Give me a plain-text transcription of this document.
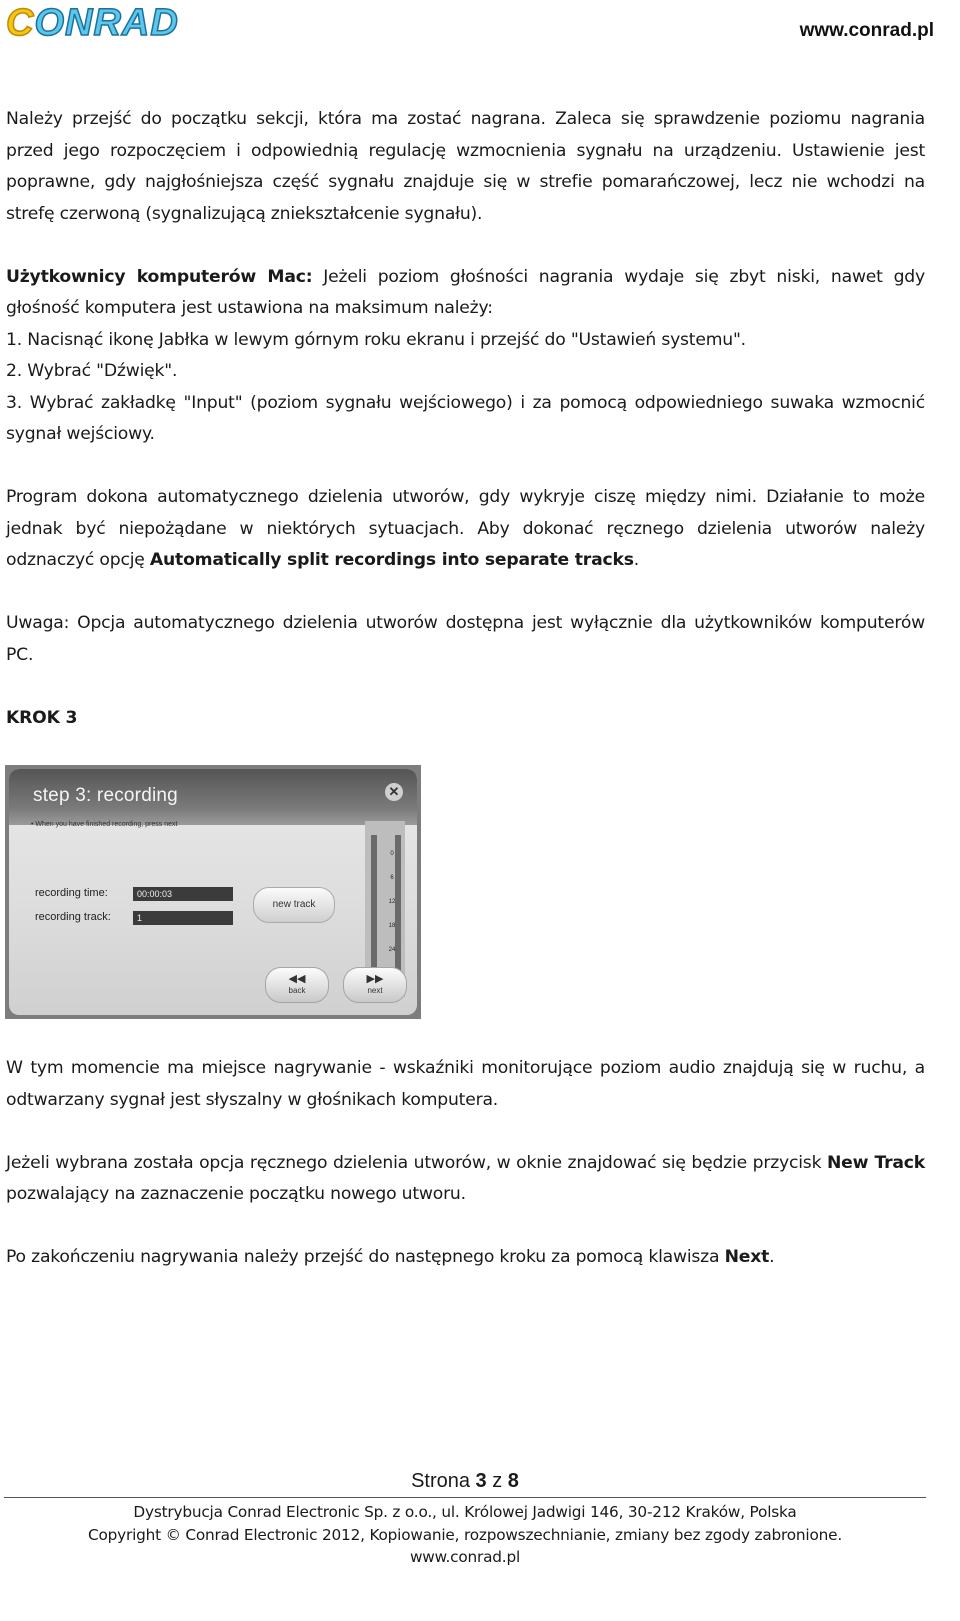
CONRAD	www.conrad.pl

Należy przejść do początku sekcji, która ma zostać nagrana. Zaleca się sprawdzenie poziomu nagrania przed jego rozpoczęciem i odpowiednią regulację wzmocnienia sygnału na urządzeniu. Ustawienie jest poprawne, gdy najgłośniejsza część sygnału znajduje się w strefie pomarańczowej, lecz nie wchodzi na strefę czerwoną (sygnalizującą zniekształcenie sygnału).

Użytkownicy komputerów Mac: Jeżeli poziom głośności nagrania wydaje się zbyt niski, nawet gdy głośność komputera jest ustawiona na maksimum należy:

1. Nacisnąć ikonę Jabłka w lewym górnym roku ekranu i przejść do "Ustawień systemu".

2. Wybrać "Dźwięk".

3. Wybrać zakładkę "Input" (poziom sygnału wejściowego) i za pomocą odpowiedniego suwaka wzmocnić sygnał wejściowy.

Program dokona automatycznego dzielenia utworów, gdy wykryje ciszę między nimi. Działanie to może jednak być niepożądane w niektórych sytuacjach. Aby dokonać ręcznego dzielenia utworów należy odznaczyć opcję Automatically split recordings into separate tracks.

Uwaga: Opcja automatycznego dzielenia utworów dostępna jest wyłącznie dla użytkowników komputerów PC.

KROK 3

step 3: recording	✕
• When you have finished recording, press next
recording time:	00:00:03
recording track:	1
new track
0
6
12
18
24
◀◀
back
▶▶
next

W tym momencie ma miejsce nagrywanie - wskaźniki monitorujące poziom audio znajdują się w ruchu, a odtwarzany sygnał jest słyszalny w głośnikach komputera.

Jeżeli wybrana została opcja ręcznego dzielenia utworów, w oknie znajdować się będzie przycisk New Track pozwalający na zaznaczenie początku nowego utworu.

Po zakończeniu nagrywania należy przejść do następnego kroku za pomocą klawisza Next.

Strona 3 z 8
Dystrybucja Conrad Electronic Sp. z o.o., ul. Królowej Jadwigi 146, 30-212 Kraków, Polska
Copyright © Conrad Electronic 2012, Kopiowanie, rozpowszechnianie, zmiany bez zgody zabronione.
www.conrad.pl
